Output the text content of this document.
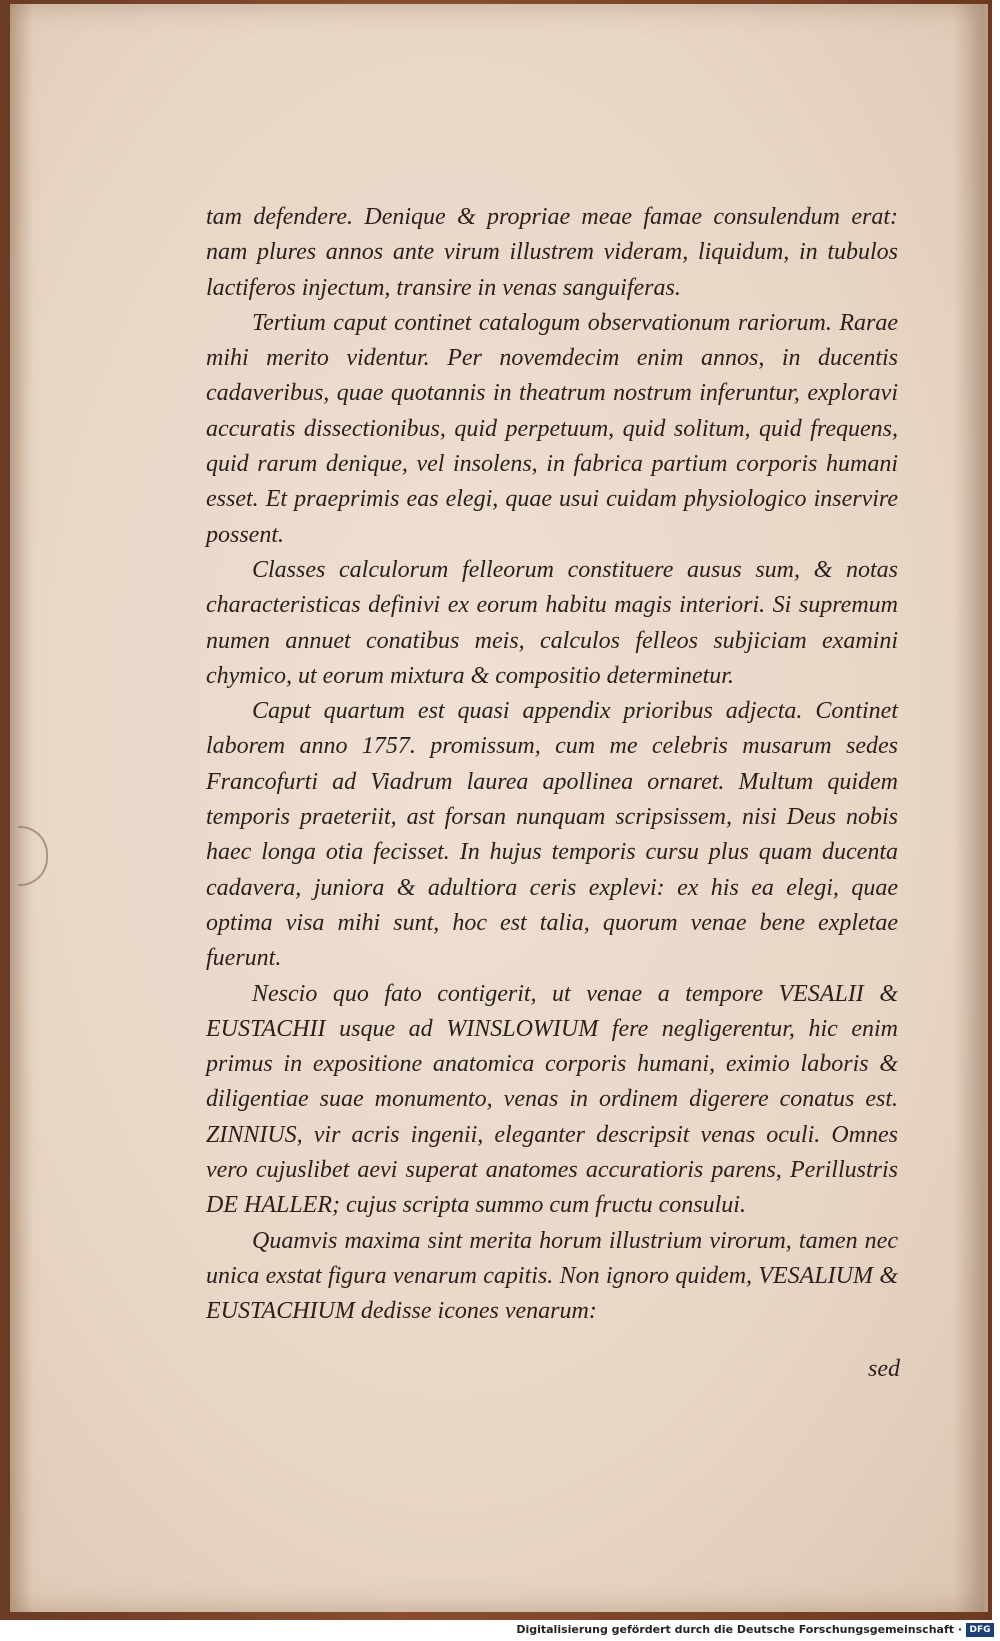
tam defendere. Denique & propriae meae famae consulendum erat: nam plures annos ante virum illustrem videram, liquidum, in tubulos lactiferos injectum, transire in venas sanguiferas.

Tertium caput continet catalogum observationum rariorum. Rarae mihi merito videntur. Per novemdecim enim annos, in ducentis cadaveribus, quae quotannis in theatrum nostrum inferuntur, exploravi accuratis dissectionibus, quid perpetuum, quid solitum, quid frequens, quid rarum denique, vel insolens, in fabrica partium corporis humani esset. Et praeprimis eas elegi, quae usui cuidam physiologico inservire possent.

Classes calculorum felleorum constituere ausus sum, & notas characteristicas definivi ex eorum habitu magis interiori. Si supremum numen annuet conatibus meis, calculos felleos subjiciam examini chymico, ut eorum mixtura & compositio determinetur.

Caput quartum est quasi appendix prioribus adjecta. Continet laborem anno 1757. promissum, cum me celebris musarum sedes Francofurti ad Viadrum laurea apollinea ornaret. Multum quidem temporis praeteriit, ast forsan nunquam scripsissem, nisi Deus nobis haec longa otia fecisset. In hujus temporis cursu plus quam ducenta cadavera, juniora & adultiora ceris explevi: ex his ea elegi, quae optima visa mihi sunt, hoc est talia, quorum venae bene expletae fuerunt.

Nescio quo fato contigerit, ut venae a tempore VESALII & EUSTACHII usque ad WINSLOWIUM fere negligerentur, hic enim primus in expositione anatomica corporis humani, eximio laboris & diligentiae suae monumento, venas in ordinem digerere conatus est. ZINNIUS, vir acris ingenii, eleganter descripsit venas oculi. Omnes vero cujuslibet aevi superat anatomes accuratioris parens, Perillustris DE HALLER; cujus scripta summo cum fructu consului.

Quamvis maxima sint merita horum illustrium virorum, tamen nec unica exstat figura venarum capitis. Non ignoro quidem, VESALIUM & EUSTACHIUM dedisse icones venarum:

sed
Digitalisierung gefördert durch die Deutsche Forschungsgemeinschaft · DFG
